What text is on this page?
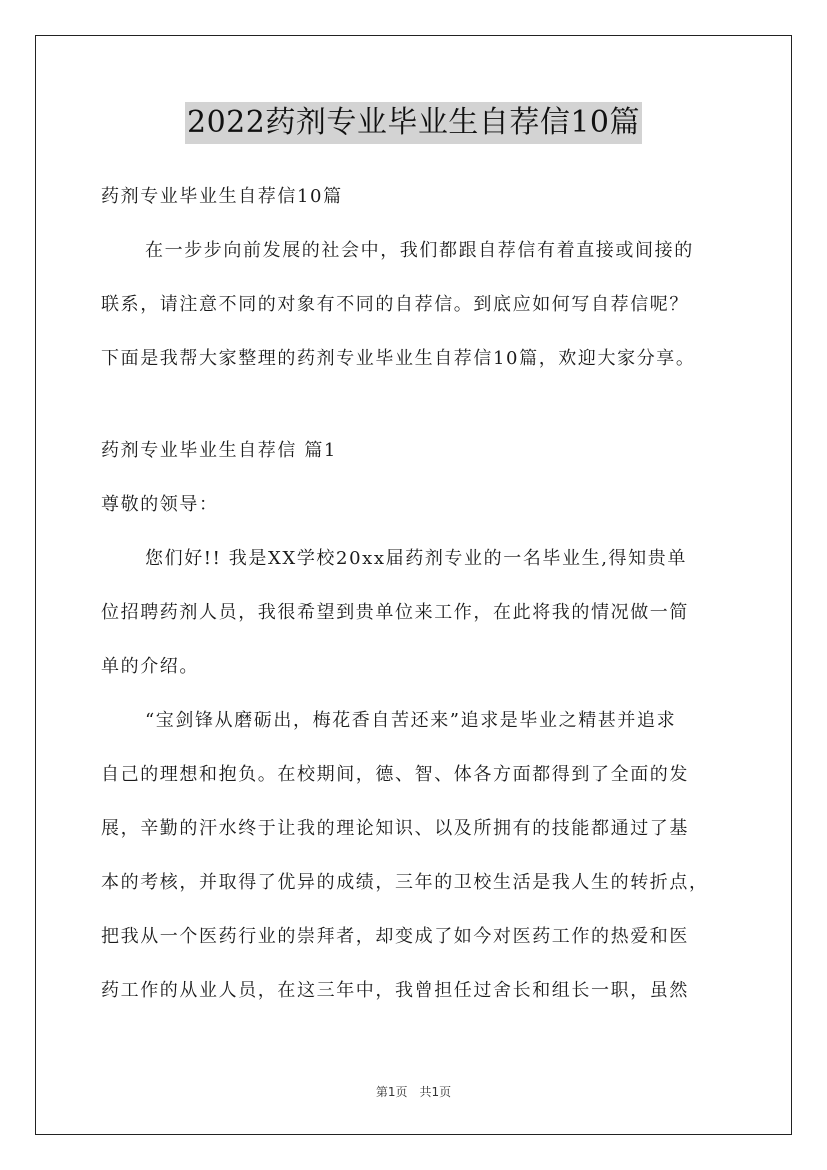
2022药剂专业毕业生自荐信10篇
药剂专业毕业生自荐信10篇
在一步步向前发展的社会中，我们都跟自荐信有着直接或间接的
联系，请注意不同的对象有不同的自荐信。到底应如何写自荐信呢？
下面是我帮大家整理的药剂专业毕业生自荐信10篇，欢迎大家分享。
药剂专业毕业生自荐信 篇1
尊敬的领导：
您们好!! 我是XX学校20xx届药剂专业的一名毕业生,得知贵单
位招聘药剂人员，我很希望到贵单位来工作，在此将我的情况做一简
单的介绍。
“宝剑锋从磨砺出，梅花香自苦还来”追求是毕业之精甚并追求
自己的理想和抱负。在校期间，德、智、体各方面都得到了全面的发
展，辛勤的汗水终于让我的理论知识、以及所拥有的技能都通过了基
本的考核，并取得了优异的成绩，三年的卫校生活是我人生的转折点，
把我从一个医药行业的崇拜者，却变成了如今对医药工作的热爱和医
药工作的从业人员，在这三年中，我曾担任过舍长和组长一职，虽然
第1页 共1页
